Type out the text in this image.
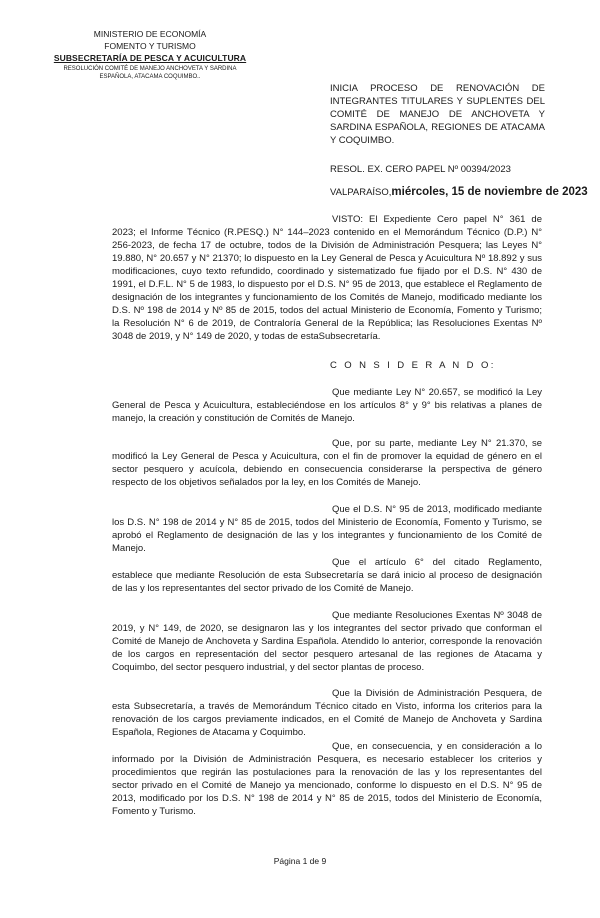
MINISTERIO DE ECONOMÍA
FOMENTO Y TURISMO
SUBSECRETARÍA DE PESCA Y ACUICULTURA
RESOLUCIÓN COMITÉ DE MANEJO ANCHOVETA Y SARDINA ESPAÑOLA, ATACAMA COQUIMBO..
INICIA PROCESO DE RENOVACIÓN DE INTEGRANTES TITULARES Y SUPLENTES DEL COMITÉ DE MANEJO DE ANCHOVETA Y SARDINA ESPAÑOLA, REGIONES DE ATACAMA Y COQUIMBO.
RESOL. EX. CERO PAPEL Nº 00394/2023
VALPARAÍSO,miércoles, 15 de noviembre de 2023

VISTO: El Expediente Cero papel N° 361 de 2023; el Informe Técnico (R.PESQ.) N° 144–2023 contenido en el Memorándum Técnico (D.P.) N° 256-2023, de fecha 17 de octubre, todos de la División de Administración Pesquera; las Leyes N° 19.880, N° 20.657 y N° 21370; lo dispuesto en la Ley General de Pesca y Acuicultura Nº 18.892 y sus modificaciones, cuyo texto refundido, coordinado y sistematizado fue fijado por el D.S. N° 430 de 1991, el D.F.L. N° 5 de 1983, lo dispuesto por el D.S. N° 95 de 2013, que establece el Reglamento de designación de los integrantes y funcionamiento de los Comités de Manejo, modificado mediante los D.S. Nº 198 de 2014 y Nº 85 de 2015, todos del actual Ministerio de Economía, Fomento y Turismo; la Resolución N° 6 de 2019, de Contraloría General de la República; las Resoluciones Exentas Nº 3048 de 2019, y N° 149 de 2020, y todas de estaSubsecretaría.

C O N S I D E R A N D O:

Que mediante Ley N° 20.657, se modificó la Ley General de Pesca y Acuicultura, estableciéndose en los artículos 8° y 9° bis relativas a planes de manejo, la creación y constitución de Comités de Manejo.

Que, por su parte, mediante Ley N° 21.370, se modificó la Ley General de Pesca y Acuicultura, con el fin de promover la equidad de género en el sector pesquero y acuícola, debiendo en consecuencia considerarse la perspectiva de género respecto de los objetivos señalados por la ley, en los Comités de Manejo.

Que el D.S. N° 95 de 2013, modificado mediante los D.S. N° 198 de 2014 y N° 85 de 2015, todos del Ministerio de Economía, Fomento y Turismo, se aprobó el Reglamento de designación de las y los integrantes y funcionamiento de los Comité de Manejo.

Que el artículo 6° del citado Reglamento, establece que mediante Resolución de esta Subsecretaría se dará inicio al proceso de designación de las y los representantes del sector privado de los Comité de Manejo.

Que mediante Resoluciones Exentas Nº 3048 de 2019, y N° 149, de 2020, se designaron las y los integrantes del sector privado que conforman el Comité de Manejo de Anchoveta y Sardina Española. Atendido lo anterior, corresponde la renovación de los cargos en representación del sector pesquero artesanal de las regiones de Atacama y Coquimbo, del sector pesquero industrial, y del sector plantas de proceso.

Que la División de Administración Pesquera, de esta Subsecretaría, a través de Memorándum Técnico citado en Visto, informa los criterios para la renovación de los cargos previamente indicados, en el Comité de Manejo de Anchoveta y Sardina Española, Regiones de Atacama y Coquimbo.

Que, en consecuencia, y en consideración a lo informado por la División de Administración Pesquera, es necesario establecer los criterios y procedimientos que regirán las postulaciones para la renovación de las y los representantes del sector privado en el Comité de Manejo ya mencionado, conforme lo dispuesto en el D.S. N° 95 de 2013, modificado por los D.S. N° 198 de 2014 y N° 85 de 2015, todos del Ministerio de Economía, Fomento y Turismo.

Página 1 de 9
